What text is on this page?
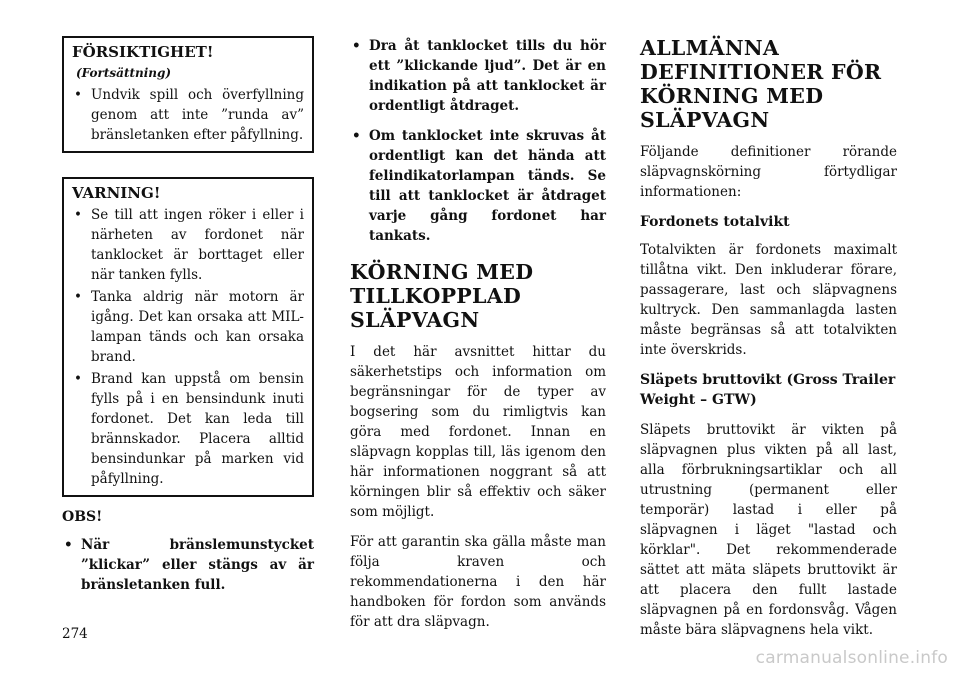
FÖRSIKTIGHET!(Fortsättning)
• Undvik spill och överfyllning genom att inte ”runda av” bränsletanken efter påfyllning.
VARNING!
• Se till att ingen röker i eller i närheten av fordonet när tanklocket är borttaget eller när tanken fylls.
• Tanka aldrig när motorn är igång. Det kan orsaka att MIL-lampan tänds och kan orsaka brand.
• Brand kan uppstå om bensin fylls på i en bensindunk inuti fordonet. Det kan leda till brännskador. Placera alltid bensindunkar på marken vid påfyllning.
OBS!
• När bränslemunstycket ”klickar” eller stängs av är bränsletanken full.
• Dra åt tanklocket tills du hör ett ”klickande ljud”. Det är en indikation på att tanklocket är ordentligt åtdraget.
• Om tanklocket inte skruvas åt ordentligt kan det hända att felindikatorlampan tänds. Se till att tanklocket är åtdraget varje gång fordonet har tankats.
KÖRNING MED
TILLKOPPLAD
SLÄPVAGN

I det här avsnittet hittar du säkerhetstips och information om begränsningar för de typer av bogsering som du rimligtvis kan göra med fordonet. Innan en släpvagn kopplas till, läs igenom den här informationen noggrant så att körningen blir så effektiv och säker som möjligt.

För att garantin ska gälla måste man följa kraven och rekommendationerna i den här handboken för fordon som används för att dra släpvagn.

ALLMÄNNA
DEFINITIONER FÖR
KÖRNING MED SLÄPVAGN

Följande definitioner rörande släpvagnskörning förtydligar informationen:

Fordonets totalvikt

Totalvikten är fordonets maximalt tillåtna vikt. Den inkluderar förare, passagerare, last och släpvagnens kultryck. Den sammanlagda lasten måste begränsas så att totalvikten inte överskrids.

Släpets bruttovikt (Gross Trailer
Weight – GTW)

Släpets bruttovikt är vikten på släpvagnen plus vikten på all last, alla förbrukningsartiklar och all utrustning (permanent eller temporär) lastad i eller på släpvagnen i läget "lastad och körklar". Det rekommenderade sättet att mäta släpets bruttovikt är att placera den fullt lastade släpvagnen på en fordonsvåg. Vågen måste bära släpvagnens hela vikt.

274
carmanualsonline.info
